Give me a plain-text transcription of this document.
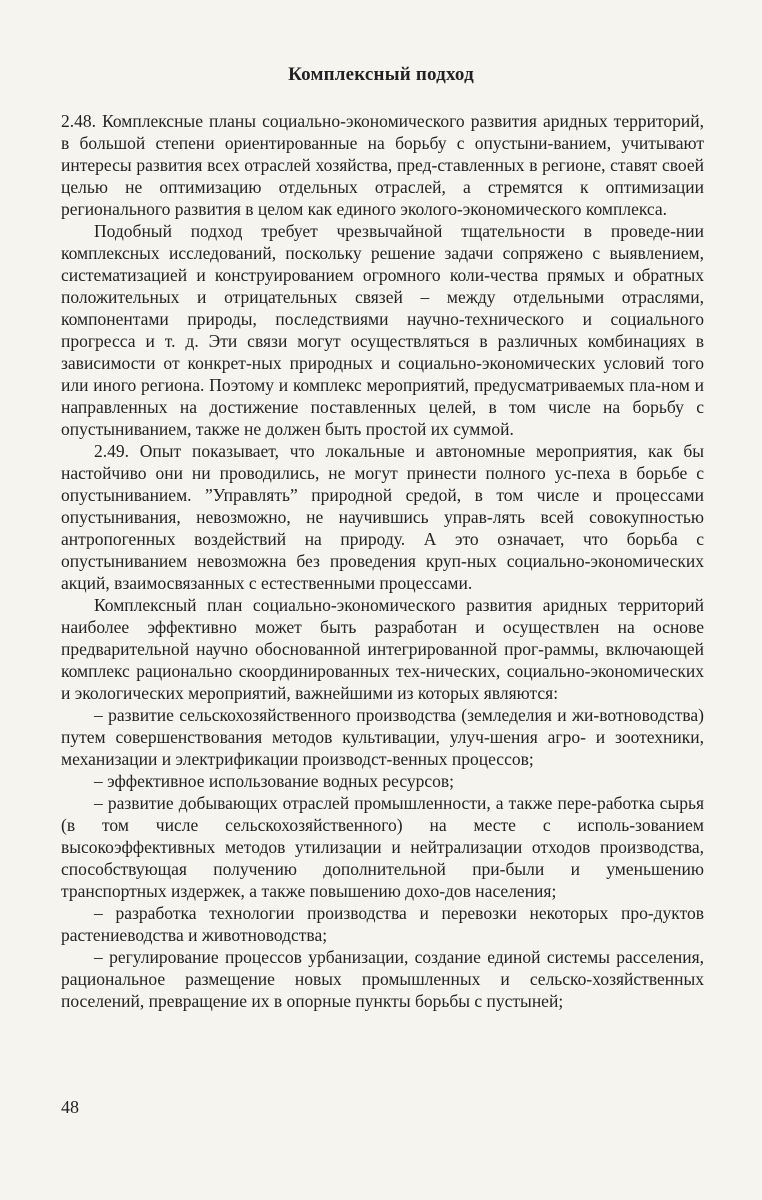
Комплексный подход

2.48. Комплексные планы социально-экономического развития аридных территорий, в большой степени ориентированные на борьбу с опустыни-ванием, учитывают интересы развития всех отраслей хозяйства, пред-ставленных в регионе, ставят своей целью не оптимизацию отдельных отраслей, а стремятся к оптимизации регионального развития в целом как единого эколого-экономического комплекса.

Подобный подход требует чрезвычайной тщательности в проведе-нии комплексных исследований, поскольку решение задачи сопряжено с выявлением, систематизацией и конструированием огромного коли-чества прямых и обратных положительных и отрицательных связей – между отдельными отраслями, компонентами природы, последствиями научно-технического и социального прогресса и т. д. Эти связи могут осуществляться в различных комбинациях в зависимости от конкрет-ных природных и социально-экономических условий того или иного региона. Поэтому и комплекс мероприятий, предусматриваемых пла-ном и направленных на достижение поставленных целей, в том числе на борьбу с опустыниванием, также не должен быть простой их суммой.

2.49. Опыт показывает, что локальные и автономные мероприятия, как бы настойчиво они ни проводились, не могут принести полного ус-пеха в борьбе с опустыниванием. ”Управлять” природной средой, в том числе и процессами опустынивания, невозможно, не научившись управ-лять всей совокупностью антропогенных воздействий на природу. А это означает, что борьба с опустыниванием невозможна без проведения круп-ных социально-экономических акций, взаимосвязанных с естественными процессами.

Комплексный план социально-экономического развития аридных территорий наиболее эффективно может быть разработан и осуществлен на основе предварительной научно обоснованной интегрированной прог-раммы, включающей комплекс рационально скоординированных тех-нических, социально-экономических и экологических мероприятий, важнейшими из которых являются:

– развитие сельскохозяйственного производства (земледелия и жи-вотноводства) путем совершенствования методов культивации, улуч-шения агро- и зоотехники, механизации и электрификации производст-венных процессов;

– эффективное использование водных ресурсов;

– развитие добывающих отраслей промышленности, а также пере-работка сырья (в том числе сельскохозяйственного) на месте с исполь-зованием высокоэффективных методов утилизации и нейтрализации отходов производства, способствующая получению дополнительной при-были и уменьшению транспортных издержек, а также повышению дохо-дов населения;

– разработка технологии производства и перевозки некоторых про-дуктов растениеводства и животноводства;

– регулирование процессов урбанизации, создание единой системы расселения, рациональное размещение новых промышленных и сельско-хозяйственных поселений, превращение их в опорные пункты борьбы с пустыней;

48
